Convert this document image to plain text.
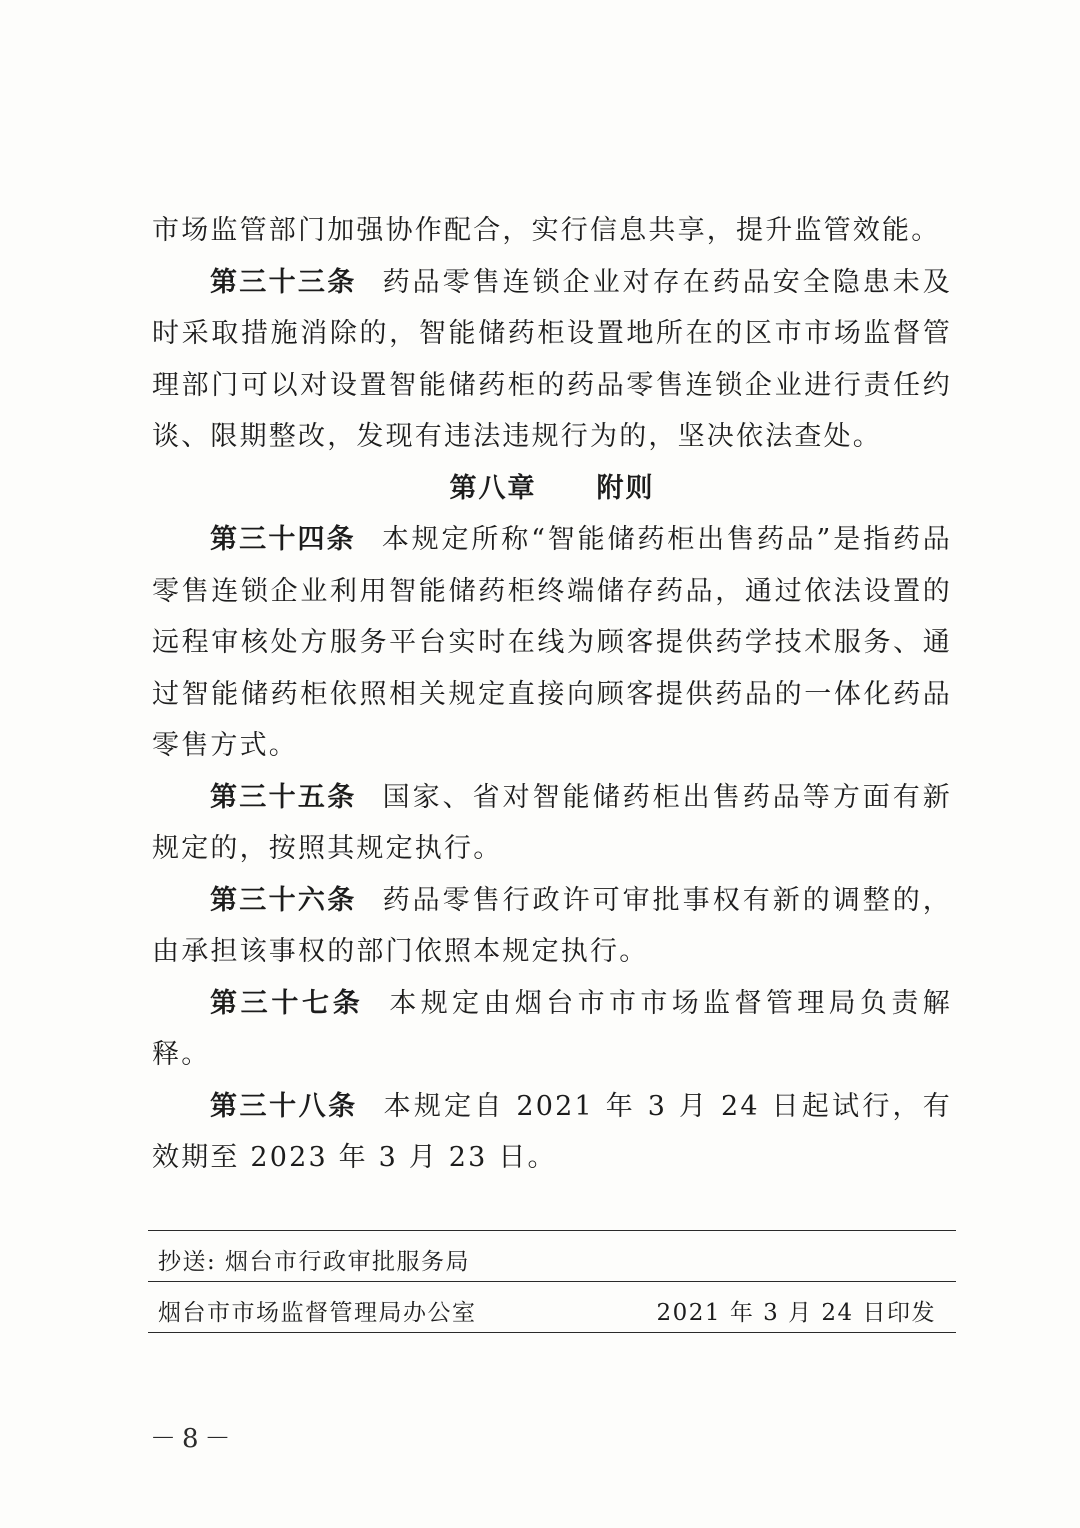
市场监管部门加强协作配合，实行信息共享，提升监管效能。

第三十三条 药品零售连锁企业对存在药品安全隐患未及时采取措施消除的，智能储药柜设置地所在的区市市场监督管理部门可以对设置智能储药柜的药品零售连锁企业进行责任约谈、限期整改，发现有违法违规行为的，坚决依法查处。

第八章 附则

第三十四条 本规定所称“智能储药柜出售药品”是指药品零售连锁企业利用智能储药柜终端储存药品，通过依法设置的远程审核处方服务平台实时在线为顾客提供药学技术服务、通过智能储药柜依照相关规定直接向顾客提供药品的一体化药品零售方式。

第三十五条 国家、省对智能储药柜出售药品等方面有新规定的，按照其规定执行。

第三十六条 药品零售行政许可审批事权有新的调整的，由承担该事权的部门依照本规定执行。

第三十七条 本规定由烟台市市市场监督管理局负责解释。

第三十八条 本规定自 2021 年 3 月 24 日起试行，有效期至 2023 年 3 月 23 日。

抄送: 烟台市行政审批服务局
烟台市市场监督管理局办公室	2021 年 3 月 24 日印发
－8－
